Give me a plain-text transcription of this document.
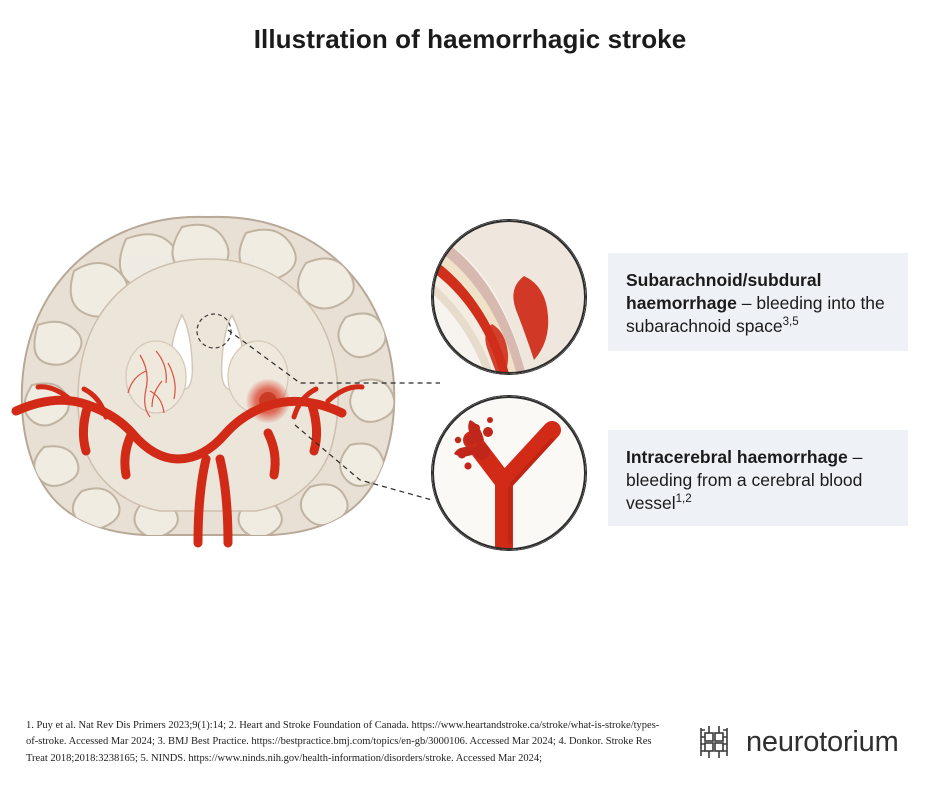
Illustration of haemorrhagic stroke
Subarachnoid/subdural haemorrhage – bleeding into the subarachnoid space$^{3,5}$
Intracerebral haemorrhage – bleeding from a cerebral blood vessel$^{1,2}$
1. Puy et al. Nat Rev Dis Primers 2023;9(1):14; 2. Heart and Stroke Foundation of Canada. https://www.heartandstroke.ca/stroke/what-is-stroke/types-of-stroke. Accessed Mar 2024; 3. BMJ Best Practice. https://bestpractice.bmj.com/topics/en-gb/3000106. Accessed Mar 2024; 4. Donkor. Stroke Res Treat 2018;2018:3238165; 5. NINDS. https://www.ninds.nih.gov/health-information/disorders/stroke. Accessed Mar 2024;
neurotorium
